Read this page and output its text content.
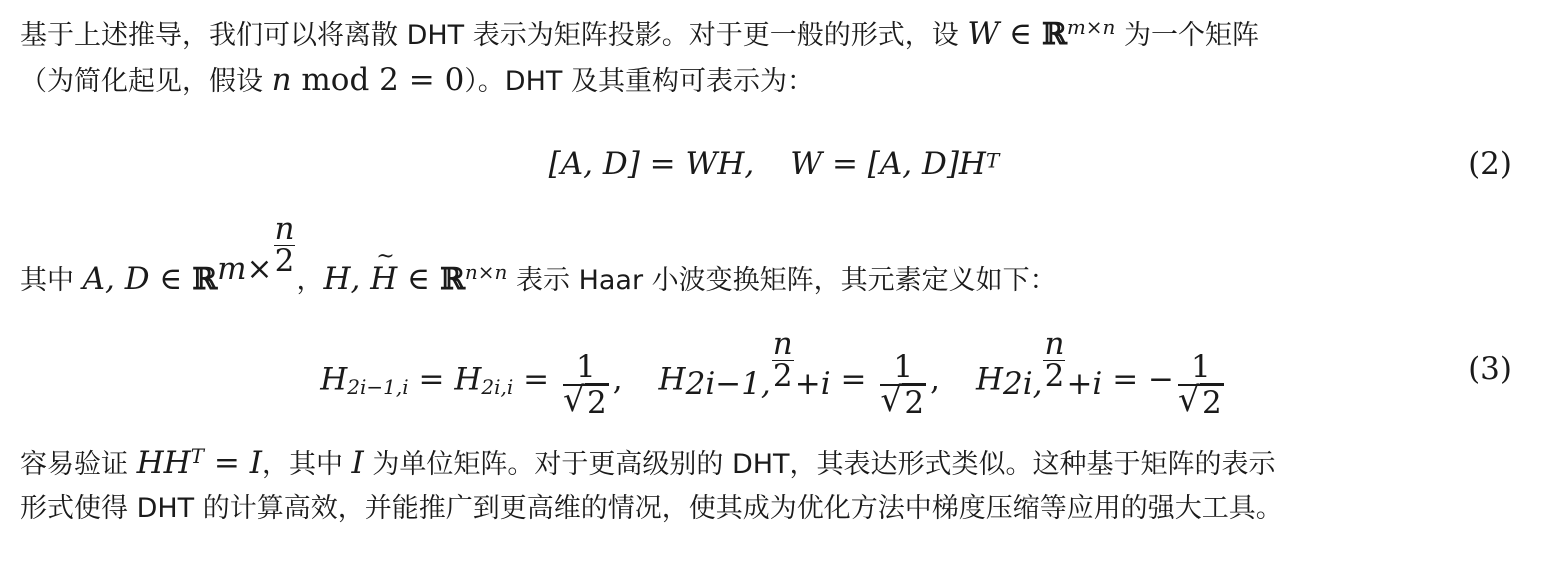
基于上述推导，我们可以将离散 DHT 表示为矩阵投影。对于更一般的形式，设 W ∈ ℝ$^{m\times n}$ 为一个矩阵
（为简化起见，假设 n mod 2 = 0）。DHT 及其重构可表示为：

[A, D] = WH, W = [A, $D]H^T$	(2)

其中 A, D ∈ ℝ$^{m\times \frac{n}{2}}$
，H, ~ H ∈ ℝ$^{n\times n}$ 表示 Haar 小波变换矩阵，其元素定义如下：

$H_{2i-1,i} = H_{2i,i} = \frac{1}{√ 2}$ , $H_{2i-1, \frac{n}{2} +i} = \frac{1}{√ 2}$ , $H_{2i, \frac{n}{2} +i}$ = − $\frac{1}{√ 2}$	(3)

容易验证 $HH^T = I$，其中 I 为单位矩阵。对于更高级别的 DHT，其表达形式类似。这种基于矩阵的表示
形式使得 DHT 的计算高效，并能推广到更高维的情况，使其成为优化方法中梯度压缩等应用的强大工具。
